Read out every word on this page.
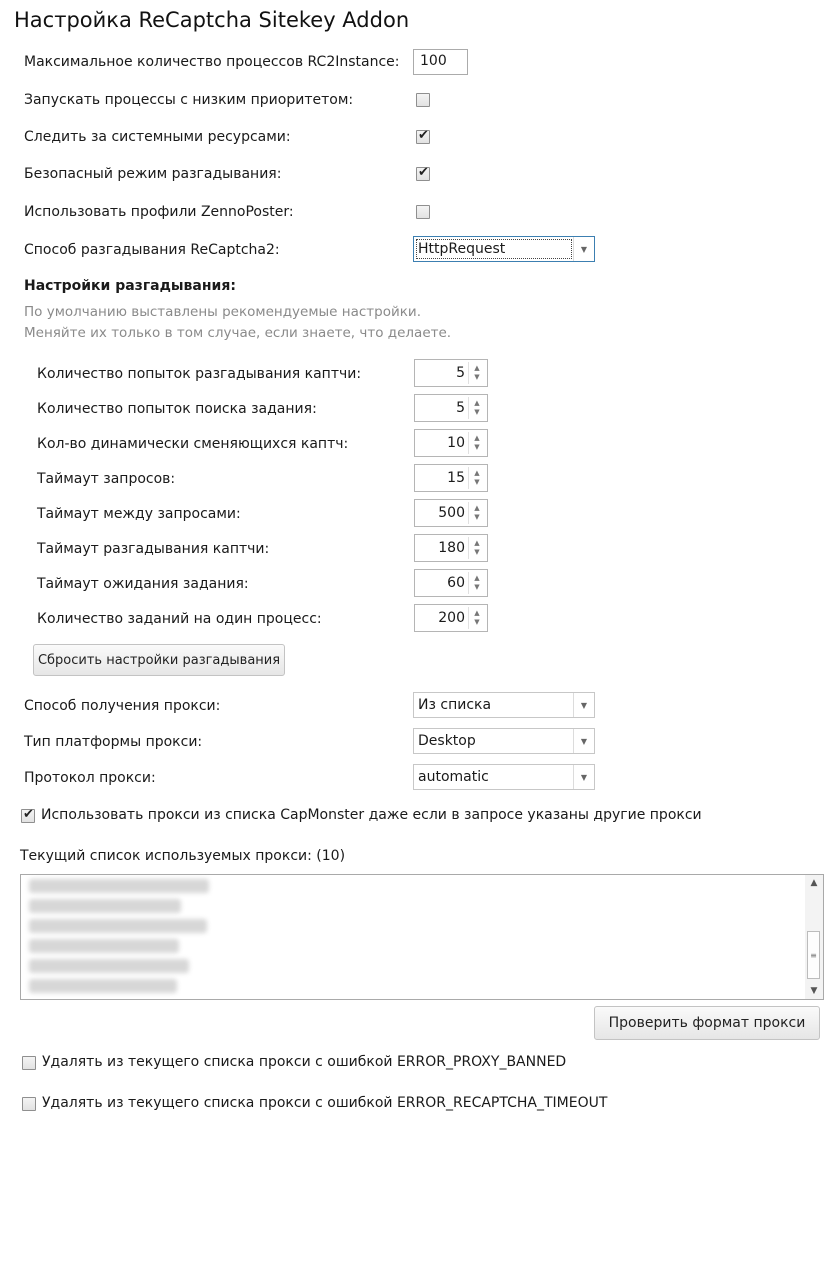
Настройка ReCaptcha Sitekey Addon
Максимальное количество процессов RC2Instance:	100
Запускать процессы с низким приоритетом:
Следить за системными ресурсами:	✔
Безопасный режим разгадывания:	✔
Использовать профили ZennoPoster:
Способ разгадывания ReCaptcha2:	HttpRequest	▼
Настройки разгадывания:
По умолчанию выставлены рекомендуемые настройки.
Меняйте их только в том случае, если знаете, что делаете.
Количество попыток разгадывания каптчи:	5	▲
▼
Количество попыток поиска задания:	5	▲
▼
Кол-во динамически сменяющихся каптч:	10	▲
▼
Таймаут запросов:	15	▲
▼
Таймаут между запросами:	500	▲
▼
Таймаут разгадывания каптчи:	180	▲
▼
Таймаут ожидания задания:	60	▲
▼
Количество заданий на один процесс:	200	▲
▼
Сбросить настройки разгадывания
Способ получения прокси:	Из списка	▼
Тип платформы прокси:	Desktop	▼
Протокол прокси:	automatic	▼
✔ Использовать прокси из списка CapMonster даже если в запросе указаны другие прокси
Текущий список используемых прокси: (10)
▲
≡
▼
Проверить формат прокси
Удалять из текущего списка прокси с ошибкой ERROR_PROXY_BANNED
Удалять из текущего списка прокси с ошибкой ERROR_RECAPTCHA_TIMEOUT
